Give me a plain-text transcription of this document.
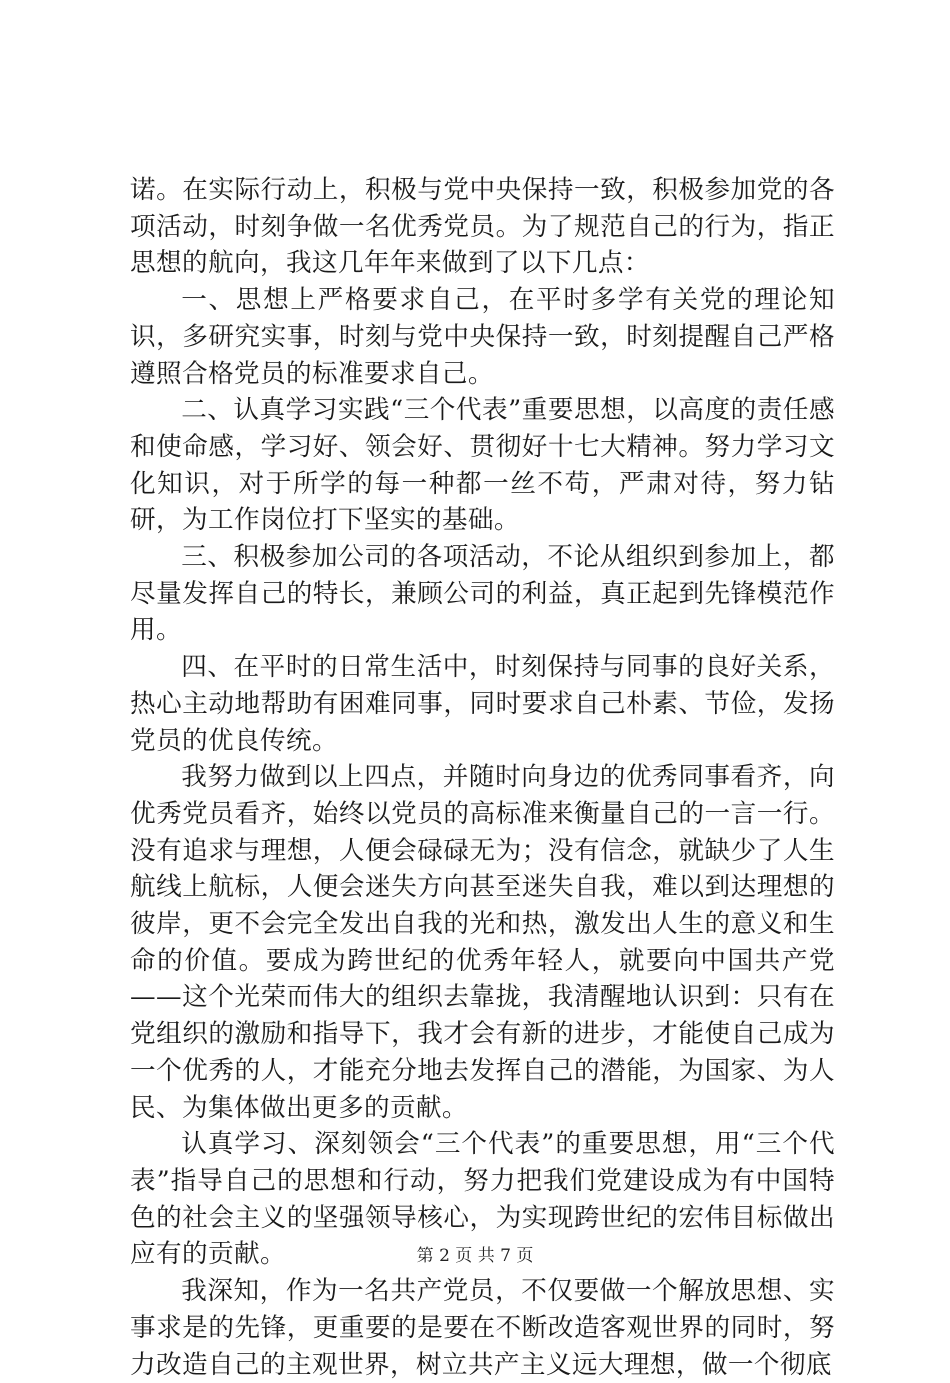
诺。在实际行动上，积极与党中央保持一致，积极参加党的各项活动，时刻争做一名优秀党员。为了规范自己的行为，指正思想的航向，我这几年年来做到了以下几点：

一、思想上严格要求自己，在平时多学有关党的理论知识，多研究实事，时刻与党中央保持一致，时刻提醒自己严格遵照合格党员的标准要求自己。

二、认真学习实践“三个代表”重要思想，以高度的责任感和使命感，学习好、领会好、贯彻好十七大精神。努力学习文化知识，对于所学的每一种都一丝不苟，严肃对待，努力钻研，为工作岗位打下坚实的基础。

三、积极参加公司的各项活动，不论从组织到参加上，都尽量发挥自己的特长，兼顾公司的利益，真正起到先锋模范作用。

四、在平时的日常生活中，时刻保持与同事的良好关系，热心主动地帮助有困难同事，同时要求自己朴素、节俭，发扬党员的优良传统。

我努力做到以上四点，并随时向身边的优秀同事看齐，向优秀党员看齐，始终以党员的高标准来衡量自己的一言一行。没有追求与理想，人便会碌碌无为；没有信念，就缺少了人生航线上航标，人便会迷失方向甚至迷失自我，难以到达理想的彼岸，更不会完全发出自我的光和热，激发出人生的意义和生命的价值。要成为跨世纪的优秀年轻人，就要向中国共产党——这个光荣而伟大的组织去靠拢，我清醒地认识到：只有在党组织的激励和指导下，我才会有新的进步，才能使自己成为一个优秀的人，才能充分地去发挥自己的潜能，为国家、为人民、为集体做出更多的贡献。

认真学习、深刻领会“三个代表”的重要思想，用“三个代表”指导自己的思想和行动，努力把我们党建设成为有中国特色的社会主义的坚强领导核心，为实现跨世纪的宏伟目标做出应有的贡献。

我深知，作为一名共产党员，不仅要做一个解放思想、实事求是的先锋，更重要的是要在不断改造客观世界的同时，努力改造自己的主观世界，树立共产主义远大理想，做一个彻底

第 2 页 共 7 页
